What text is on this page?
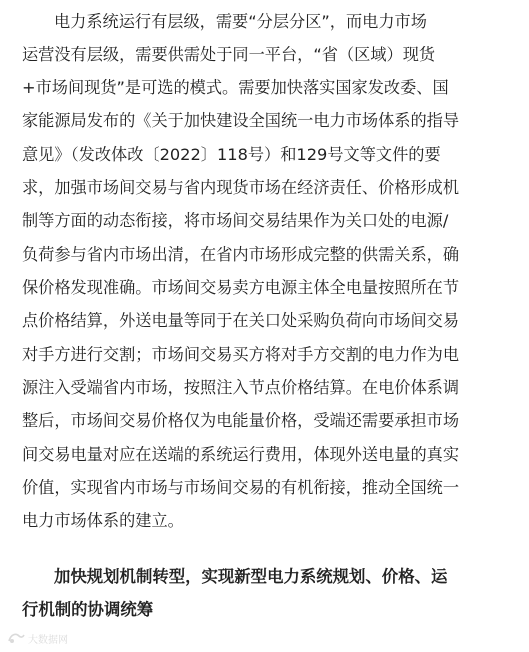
电力系统运行有层级，需要“分层分区”，而电力市场
运营没有层级，需要供需处于同一平台，“省（区域）现货
+市场间现货”是可选的模式。需要加快落实国家发改委、国
家能源局发布的《关于加快建设全国统一电力市场体系的指导
意见》（发改体改〔2022〕118号）和129号文等文件的要
求，加强市场间交易与省内现货市场在经济责任、价格形成机
制等方面的动态衔接，将市场间交易结果作为关口处的电源/
负荷参与省内市场出清，在省内市场形成完整的供需关系，确
保价格发现准确。市场间交易卖方电源主体全电量按照所在节
点价格结算，外送电量等同于在关口处采购负荷向市场间交易
对手方进行交割；市场间交易买方将对手方交割的电力作为电
源注入受端省内市场，按照注入节点价格结算。在电价体系调
整后，市场间交易价格仅为电能量价格，受端还需要承担市场
间交易电量对应在送端的系统运行费用，体现外送电量的真实
价值，实现省内市场与市场间交易的有机衔接，推动全国统一
电力市场体系的建立。
加快规划机制转型，实现新型电力系统规划、价格、运
行机制的协调统筹
大数据网
